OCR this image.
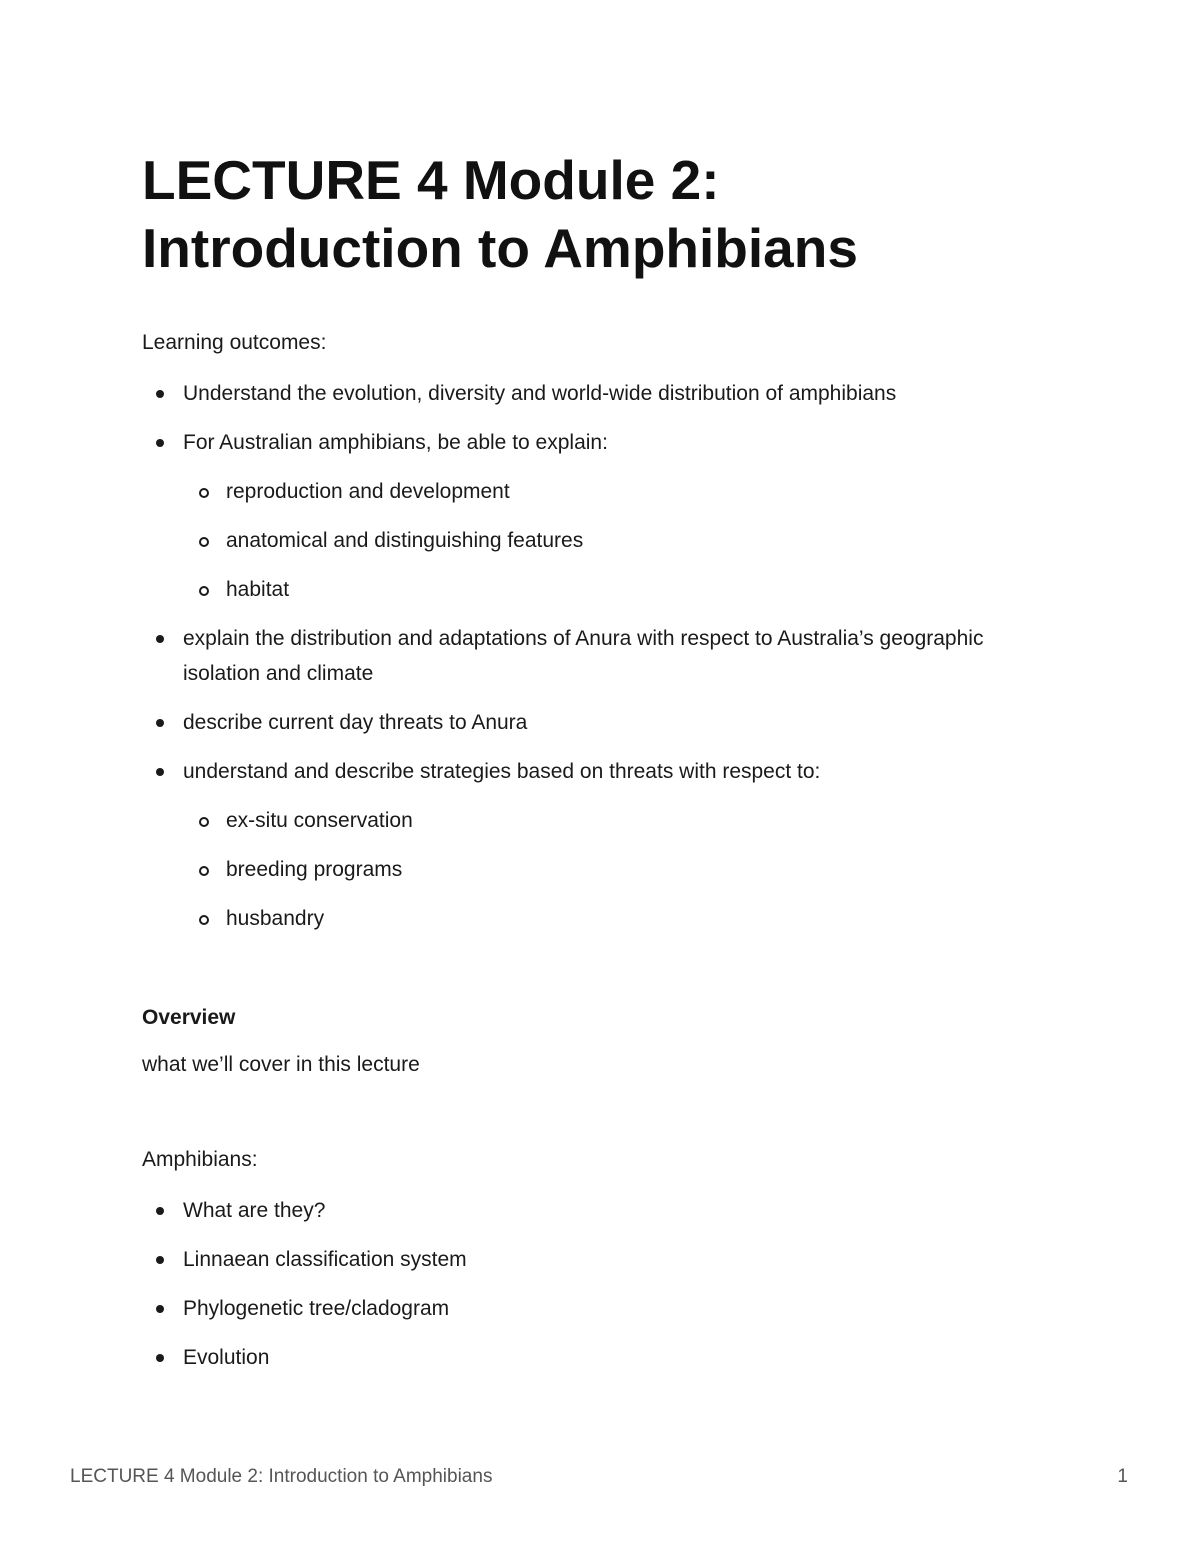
LECTURE 4 Module 2:
Introduction to Amphibians

Learning outcomes:

Understand the evolution, diversity and world-wide distribution of amphibians
For Australian amphibians, be able to explain:
reproduction and development
anatomical and distinguishing features
habitat
explain the distribution and adaptations of Anura with respect to Australia’s geographic isolation and climate
describe current day threats to Anura
understand and describe strategies based on threats with respect to:
ex-situ conservation
breeding programs
husbandry

Overview

what we’ll cover in this lecture

Amphibians:

What are they?
Linnaean classification system
Phylogenetic tree/cladogram
Evolution
LECTURE 4 Module 2: Introduction to Amphibians	1
